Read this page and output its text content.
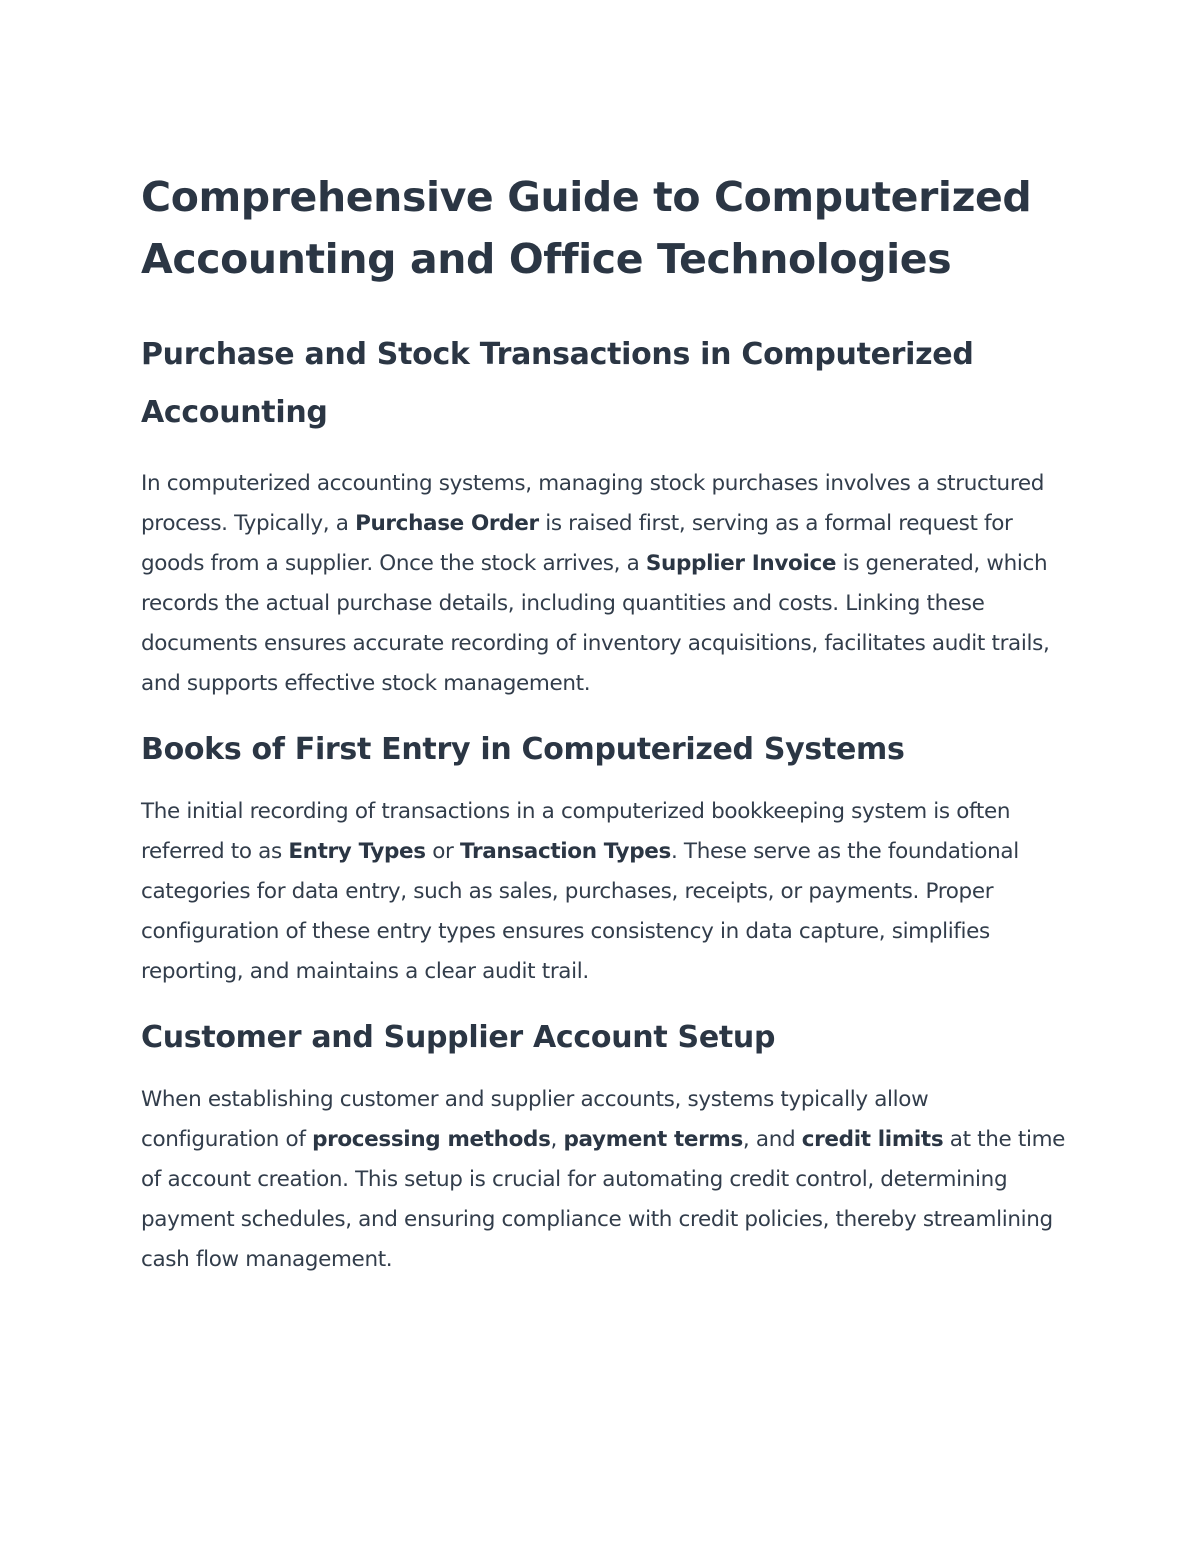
Comprehensive Guide to Computerized Accounting and Office Technologies
Purchase and Stock Transactions in Computerized Accounting

In computerized accounting systems, managing stock purchases involves a structured process. Typically, a Purchase Order is raised first, serving as a formal request for goods from a supplier. Once the stock arrives, a Supplier Invoice is generated, which records the actual purchase details, including quantities and costs. Linking these documents ensures accurate recording of inventory acquisitions, facilitates audit trails, and supports effective stock management.

Books of First Entry in Computerized Systems

The initial recording of transactions in a computerized bookkeeping system is often referred to as Entry Types or Transaction Types. These serve as the foundational categories for data entry, such as sales, purchases, receipts, or payments. Proper configuration of these entry types ensures consistency in data capture, simplifies reporting, and maintains a clear audit trail.

Customer and Supplier Account Setup

When establishing customer and supplier accounts, systems typically allow configuration of processing methods, payment terms, and credit limits at the time of account creation. This setup is crucial for automating credit control, determining payment schedules, and ensuring compliance with credit policies, thereby streamlining cash flow management.
